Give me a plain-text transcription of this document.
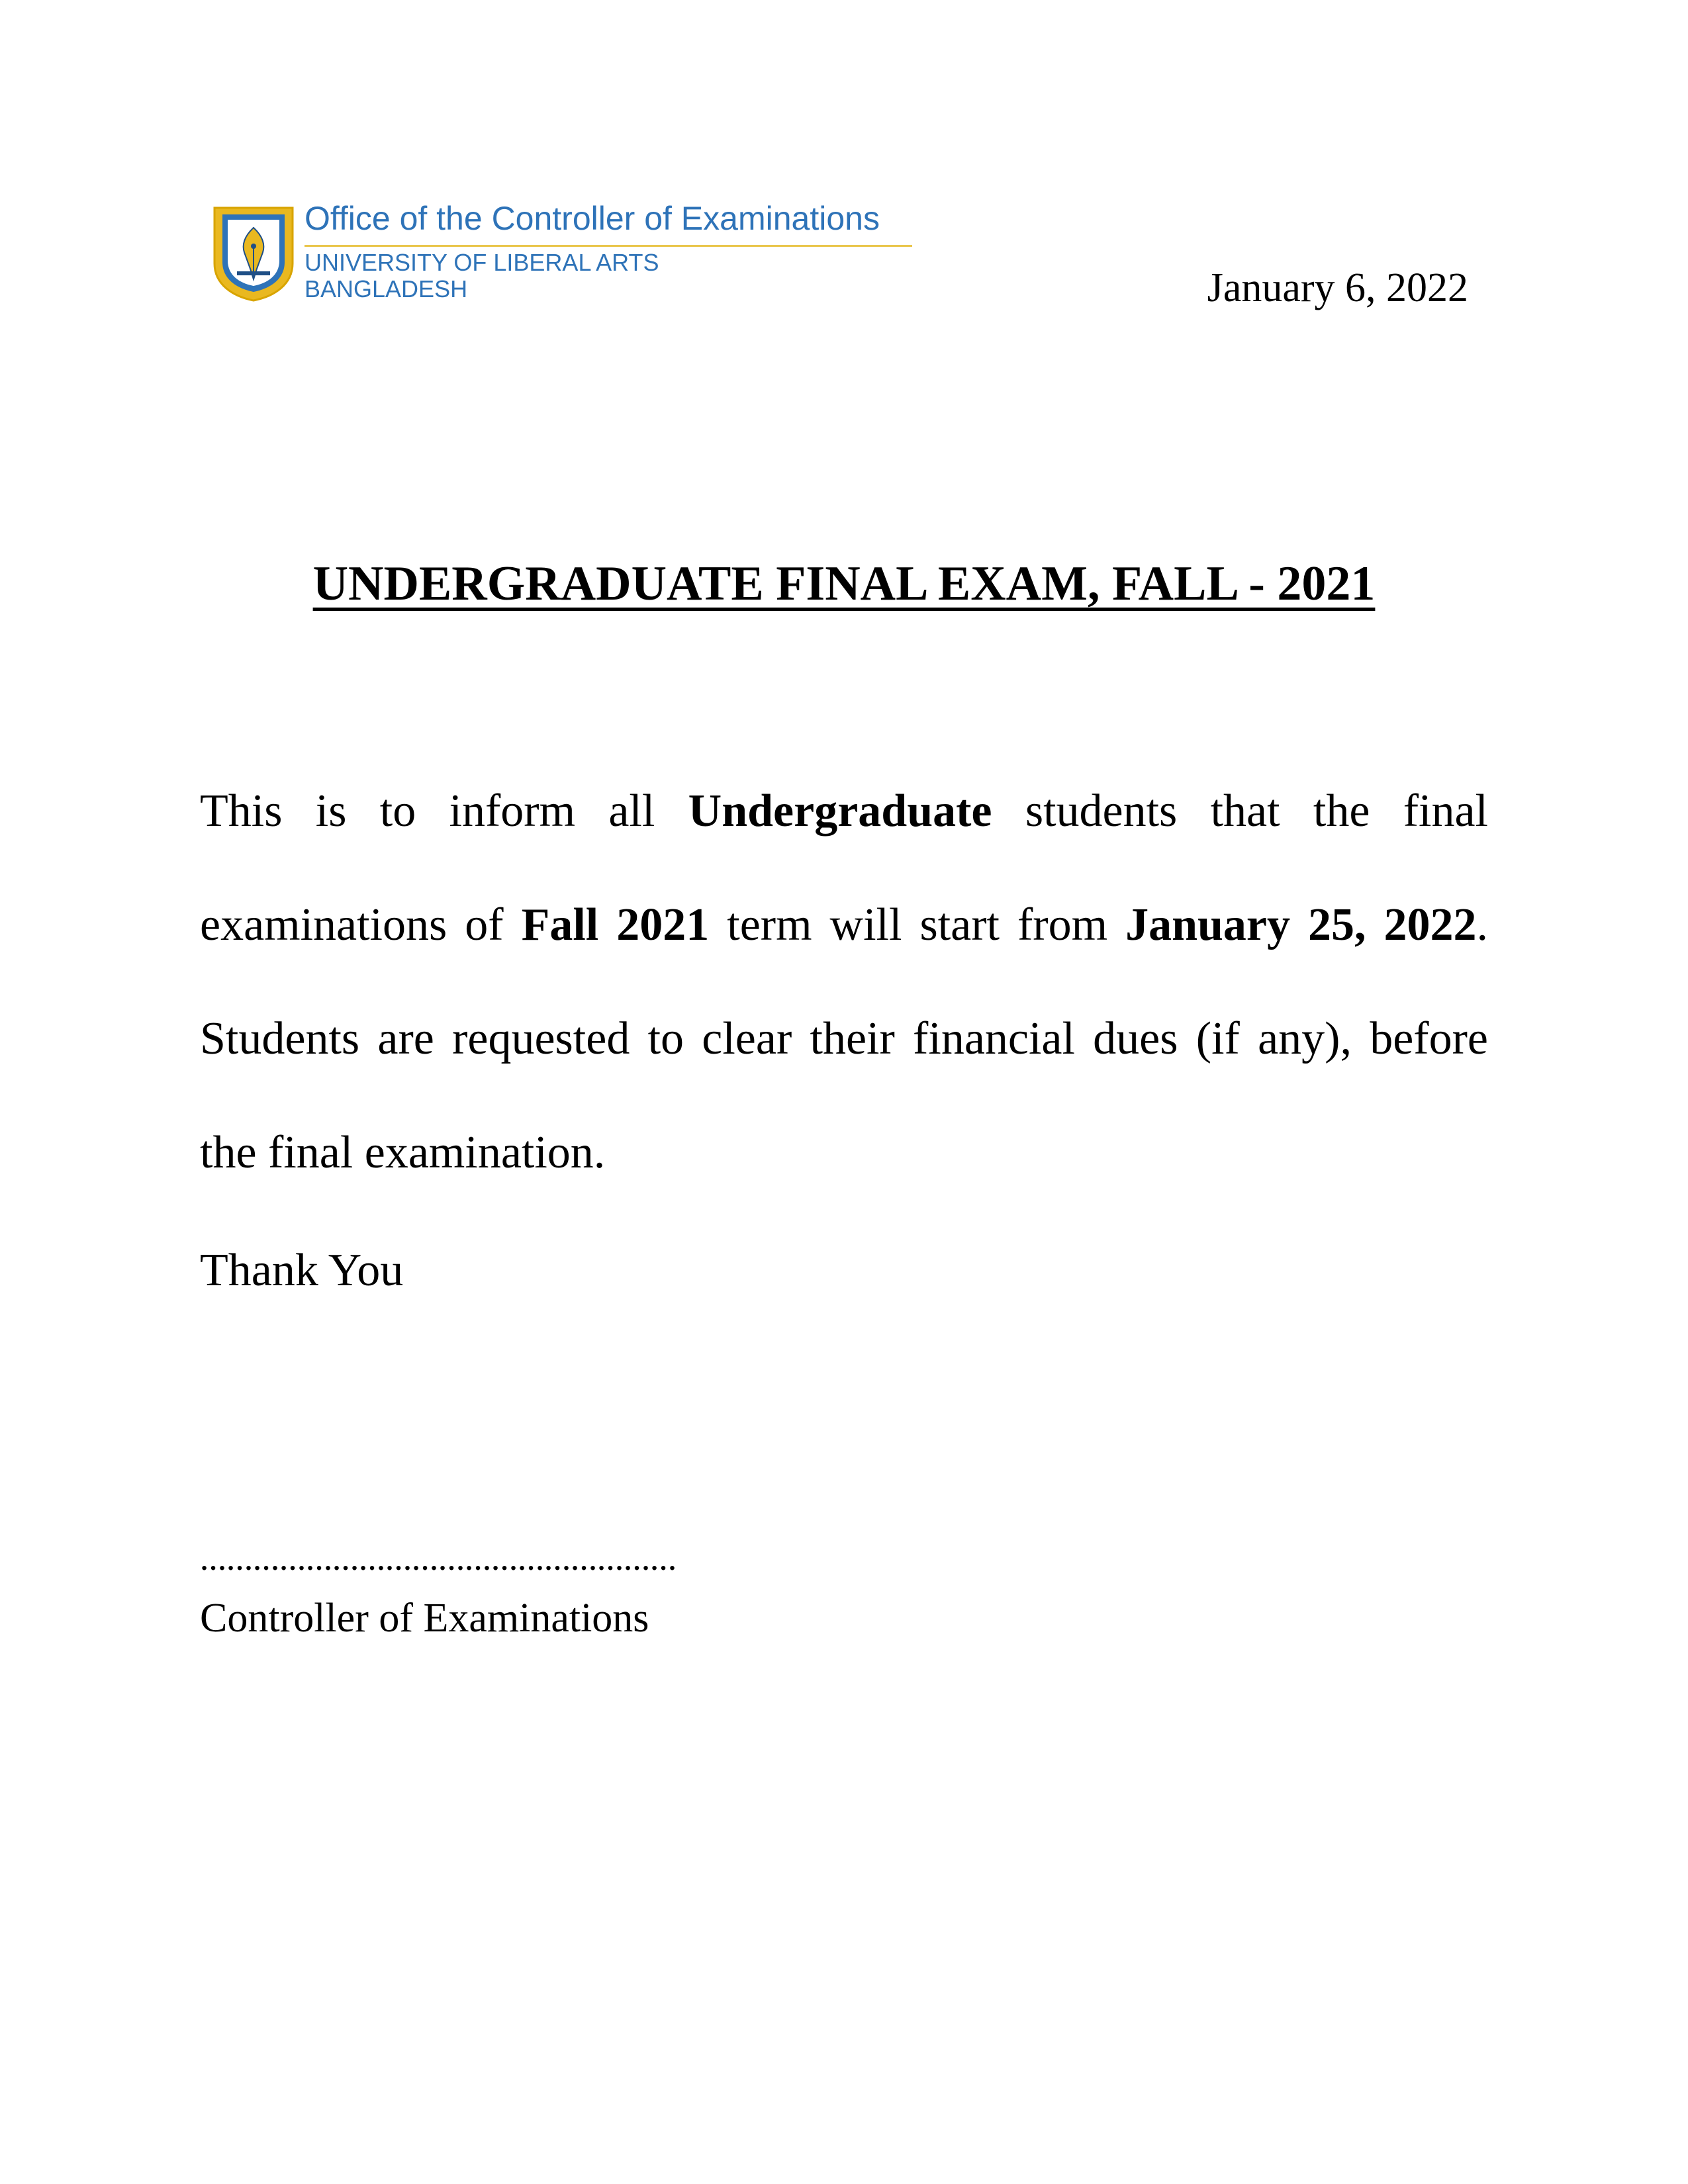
Office of the Controller of Examinations
UNIVERSITY OF LIBERAL ARTS
BANGLADESH	January 6, 2022
UNDERGRADUATE FINAL EXAM, FALL - 2021
This is to inform all Undergraduate students that the final
examinations of Fall 2021 term will start from January 25, 2022.
Students are requested to clear their financial dues (if any), before
the final examination.
Thank You
………………………………………………
Controller of Examinations
